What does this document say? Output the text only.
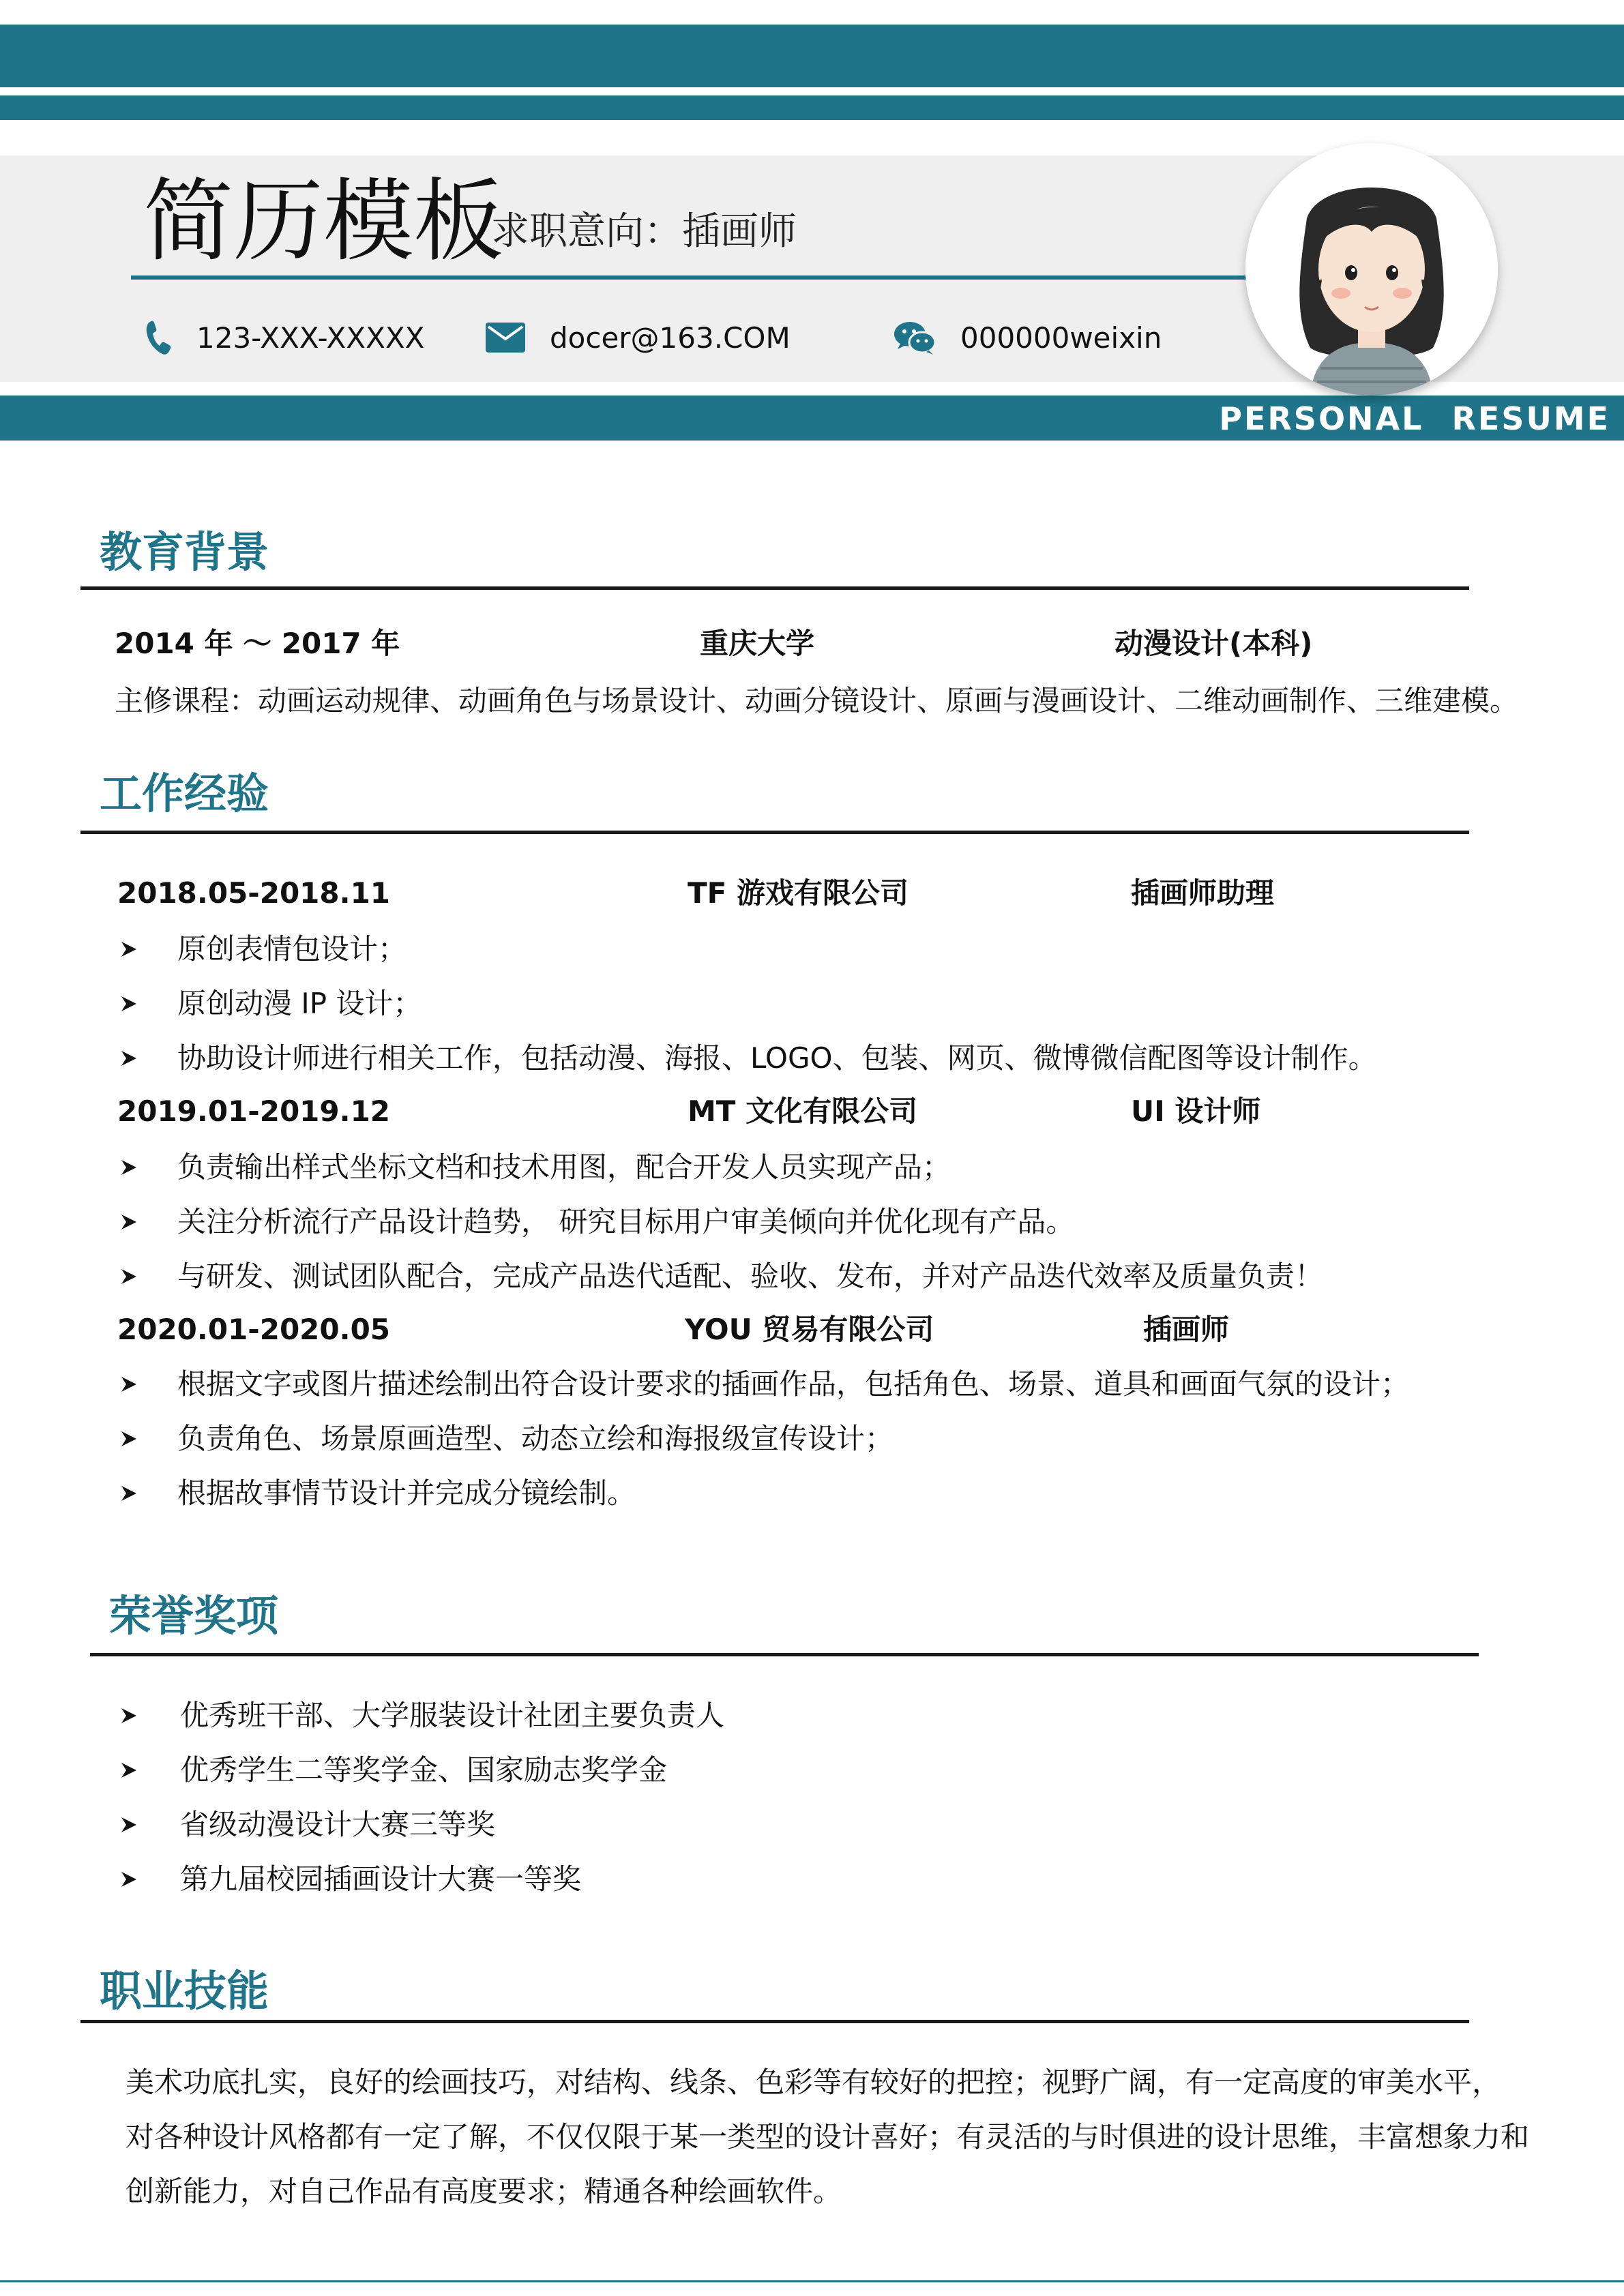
简历模板
求职意向：插画师
123-XXX-XXXXX	docer@163.COM	000000weixin
PERSONAL RESUME
教育背景
2014 年 ～ 2017 年	重庆大学	动漫设计(本科)
主修课程：动画运动规律、动画角色与场景设计、动画分镜设计、原画与漫画设计、二维动画制作、三维建模。
工作经验
2018.05-2018.11	TF 游戏有限公司	插画师助理
原创表情包设计；
原创动漫 IP 设计；
协助设计师进行相关工作，包括动漫、海报、LOGO、包装、网页、微博微信配图等设计制作。
2019.01-2019.12	MT 文化有限公司	UI 设计师
负责输出样式坐标文档和技术用图，配合开发人员实现产品；
关注分析流行产品设计趋势， 研究目标用户审美倾向并优化现有产品。
与研发、测试团队配合，完成产品迭代适配、验收、发布，并对产品迭代效率及质量负责！
2020.01-2020.05	YOU 贸易有限公司	插画师
根据文字或图片描述绘制出符合设计要求的插画作品，包括角色、场景、道具和画面气氛的设计；
负责角色、场景原画造型、动态立绘和海报级宣传设计；
根据故事情节设计并完成分镜绘制。
荣誉奖项
优秀班干部、大学服装设计社团主要负责人
优秀学生二等奖学金、国家励志奖学金
省级动漫设计大赛三等奖
第九届校园插画设计大赛一等奖
职业技能
美术功底扎实，良好的绘画技巧，对结构、线条、色彩等有较好的把控；视野广阔，有一定高度的审美水平，
对各种设计风格都有一定了解，不仅仅限于某一类型的设计喜好；有灵活的与时俱进的设计思维，丰富想象力和
创新能力，对自己作品有高度要求；精通各种绘画软件。
